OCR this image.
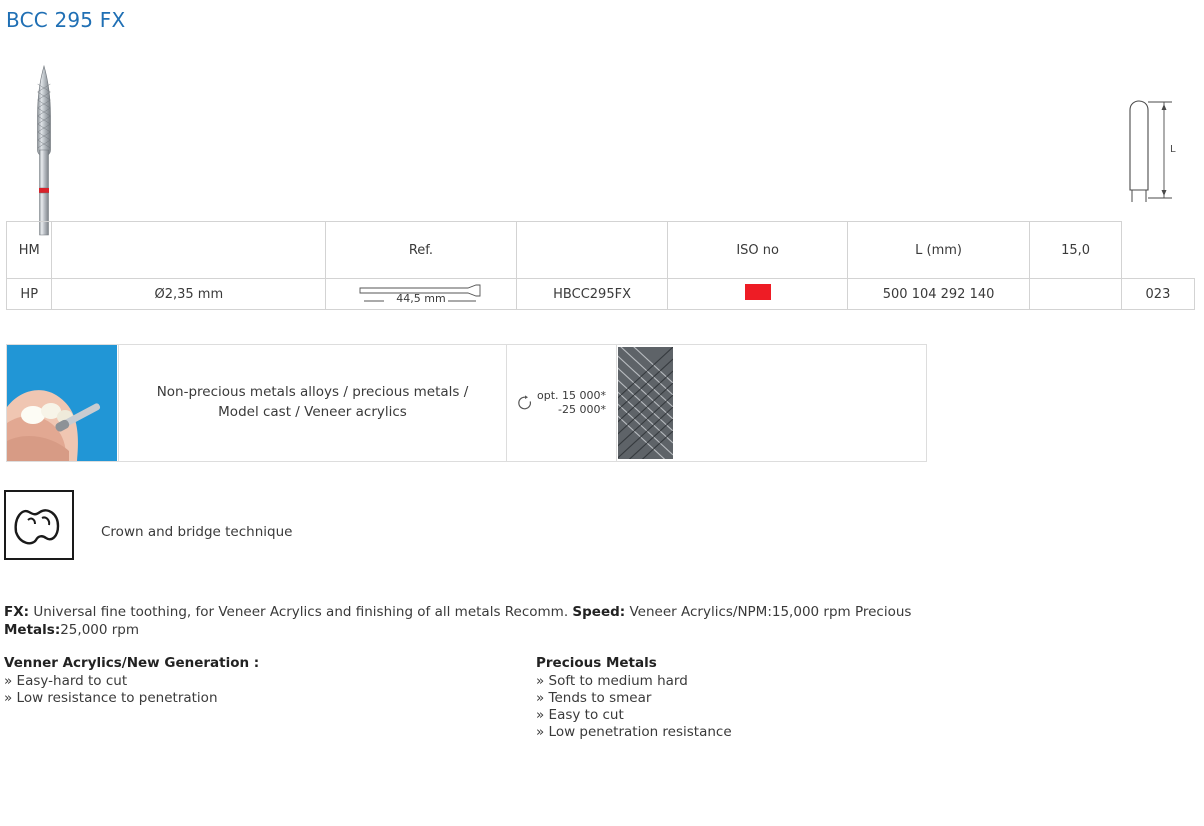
BCC 295 FX
L
HM		Ref.		ISO no	L (mm)	15,0	
HP	Ø2,35 mm	44,5 mm	HBCC295FX		500 104 292 140		023
Non-precious metals alloys / precious metals / Model cast / Veneer acrylics
opt. 15 000*
-25 000*
Crown and bridge technique
FX: Universal fine toothing, for Veneer Acrylics and finishing of all metals Recomm. Speed: Veneer Acrylics/NPM:15,000 rpm Precious Metals:25,000 rpm
Venner Acrylics/New Generation :
» Easy-hard to cut
» Low resistance to penetration
Precious Metals
» Soft to medium hard
» Tends to smear
» Easy to cut
» Low penetration resistance
